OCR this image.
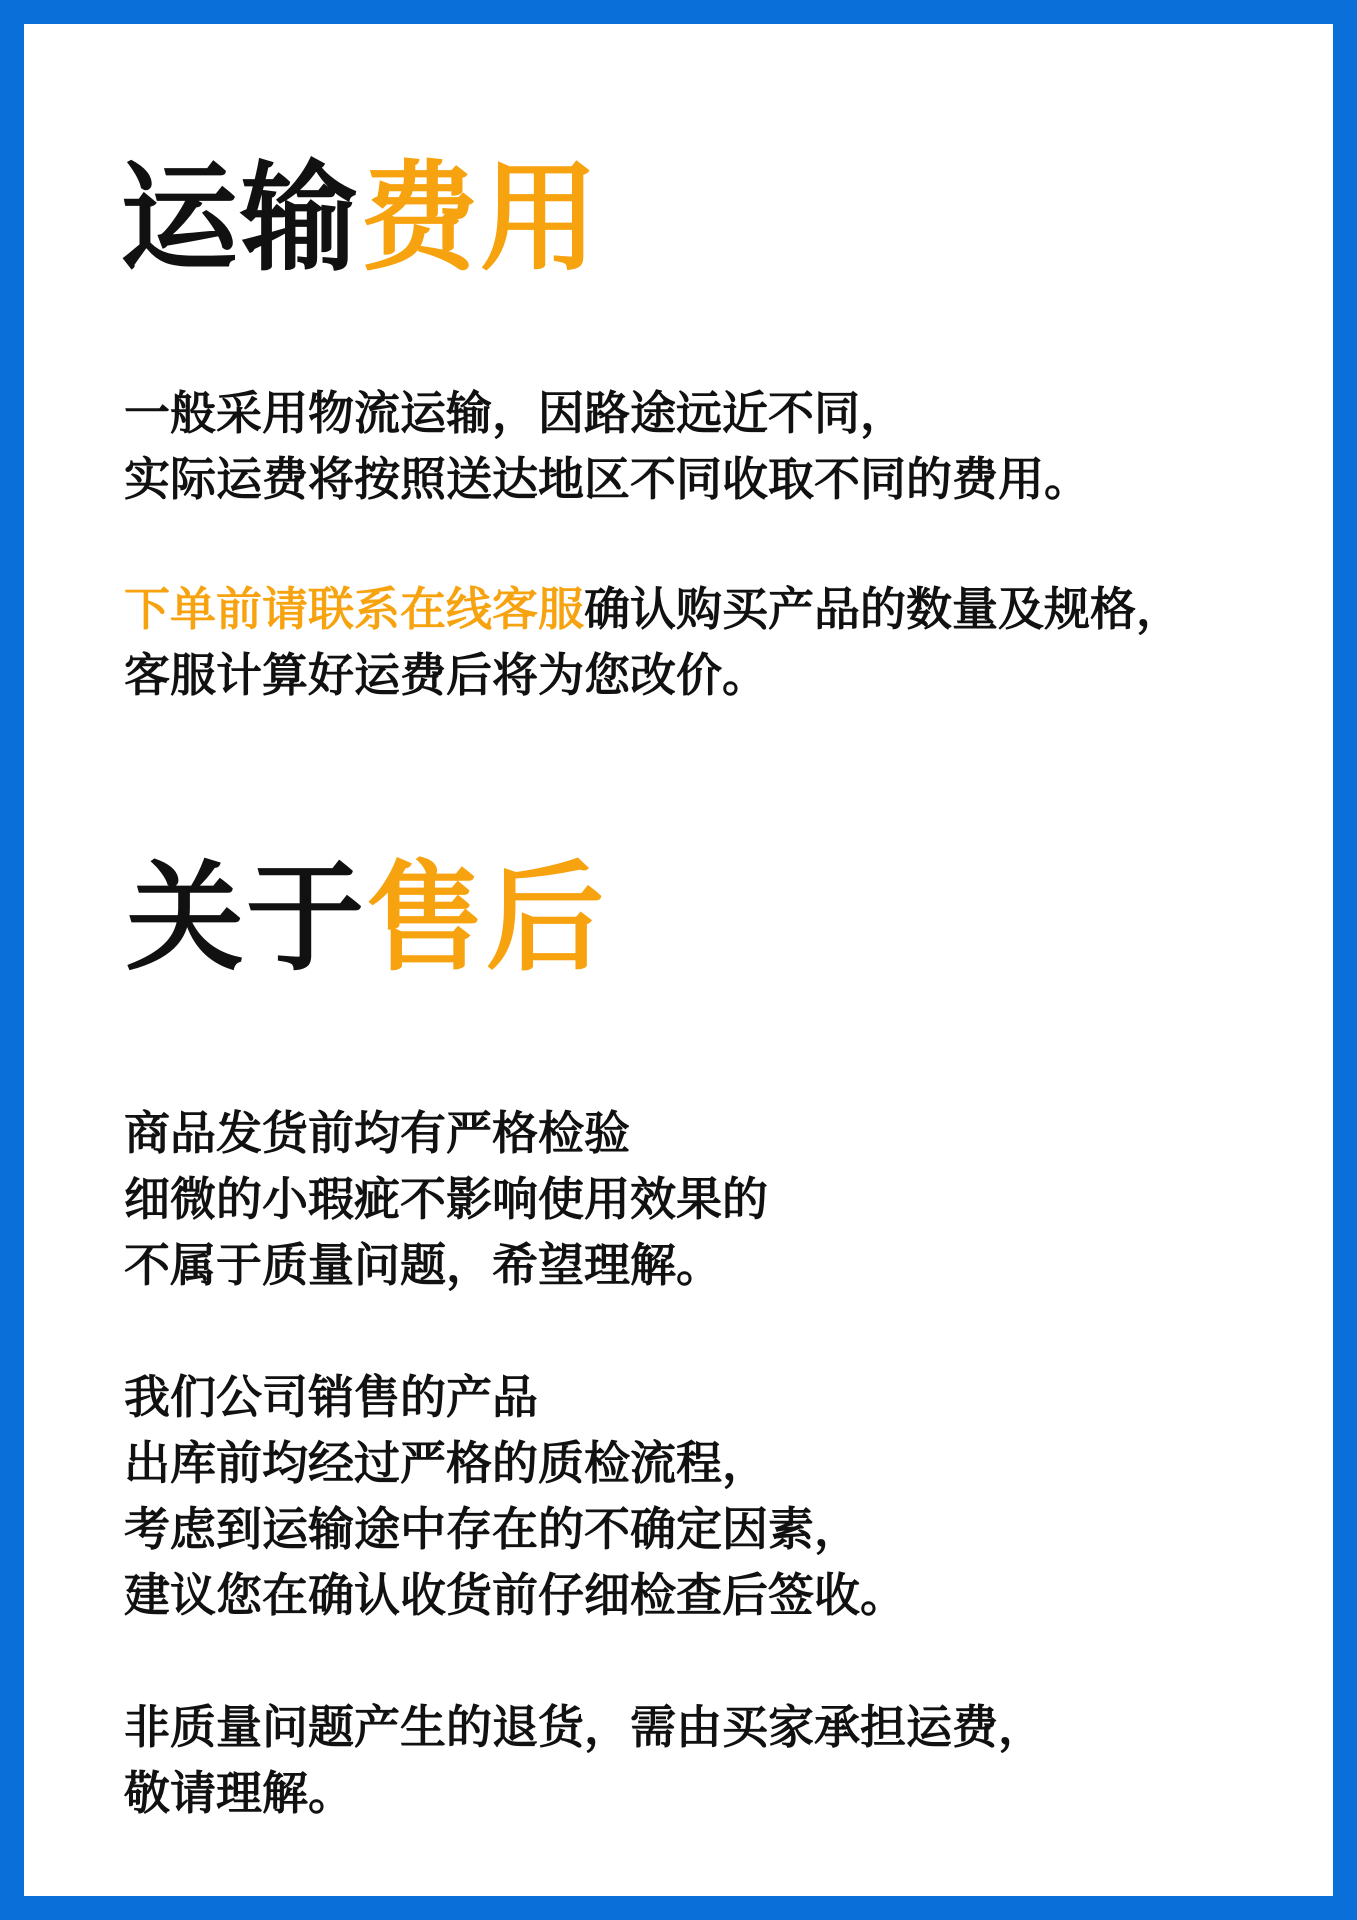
运输费用
一般采用物流运输，因路途远近不同，
实际运费将按照送达地区不同收取不同的费用。
下单前请联系在线客服确认购买产品的数量及规格，
客服计算好运费后将为您改价。
关于售后
商品发货前均有严格检验
细微的小瑕疵不影响使用效果的
不属于质量问题，希望理解。
我们公司销售的产品
出库前均经过严格的质检流程，
考虑到运输途中存在的不确定因素，
建议您在确认收货前仔细检查后签收。
非质量问题产生的退货，需由买家承担运费，
敬请理解。
